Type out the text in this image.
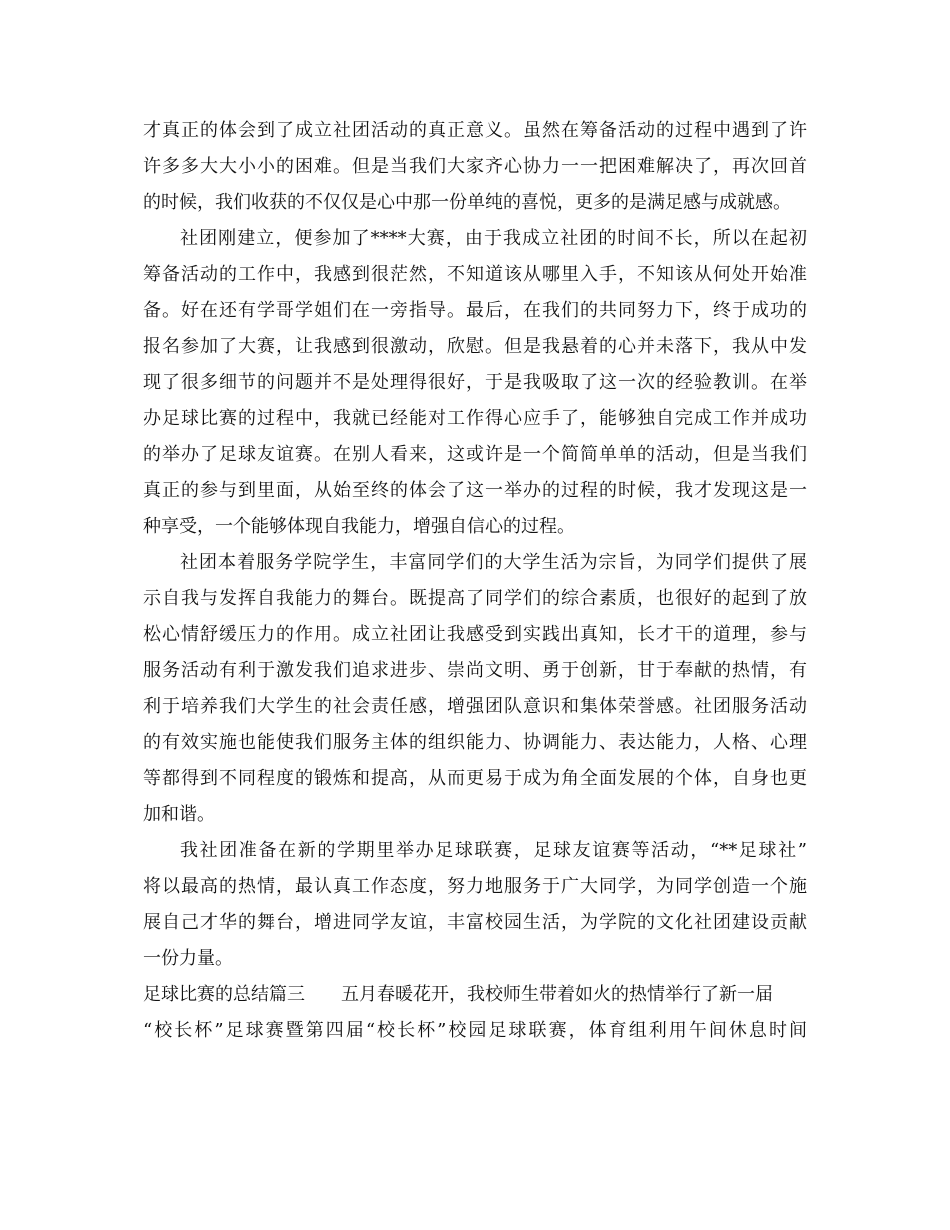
才真正的体会到了成立社团活动的真正意义。虽然在筹备活动的过程中遇到了许
许多多大大小小的困难。但是当我们大家齐心协力一一把困难解决了，再次回首
的时候，我们收获的不仅仅是心中那一份单纯的喜悦，更多的是满足感与成就感。
社团刚建立，便参加了****大赛，由于我成立社团的时间不长，所以在起初
筹备活动的工作中，我感到很茫然，不知道该从哪里入手，不知该从何处开始准
备。好在还有学哥学姐们在一旁指导。最后，在我们的共同努力下，终于成功的
报名参加了大赛，让我感到很激动，欣慰。但是我悬着的心并未落下，我从中发
现了很多细节的问题并不是处理得很好，于是我吸取了这一次的经验教训。在举
办足球比赛的过程中，我就已经能对工作得心应手了，能够独自完成工作并成功
的举办了足球友谊赛。在别人看来，这或许是一个简简单单的活动，但是当我们
真正的参与到里面，从始至终的体会了这一举办的过程的时候，我才发现这是一
种享受，一个能够体现自我能力，增强自信心的过程。
社团本着服务学院学生，丰富同学们的大学生活为宗旨，为同学们提供了展
示自我与发挥自我能力的舞台。既提高了同学们的综合素质，也很好的起到了放
松心情舒缓压力的作用。成立社团让我感受到实践出真知，长才干的道理，参与
服务活动有利于激发我们追求进步、崇尚文明、勇于创新，甘于奉献的热情，有
利于培养我们大学生的社会责任感，增强团队意识和集体荣誉感。社团服务活动
的有效实施也能使我们服务主体的组织能力、协调能力、表达能力，人格、心理
等都得到不同程度的锻炼和提高，从而更易于成为角全面发展的个体，自身也更
加和谐。
我社团准备在新的学期里举办足球联赛，足球友谊赛等活动，“**足球社”
将以最高的热情，最认真工作态度，努力地服务于广大同学，为同学创造一个施
展自己才华的舞台，增进同学友谊，丰富校园生活，为学院的文化社团建设贡献
一份力量。
足球比赛的总结篇三 五月春暖花开，我校师生带着如火的热情举行了新一届
“校长杯”足球赛暨第四届“校长杯”校园足球联赛，体育组利用午间休息时间
